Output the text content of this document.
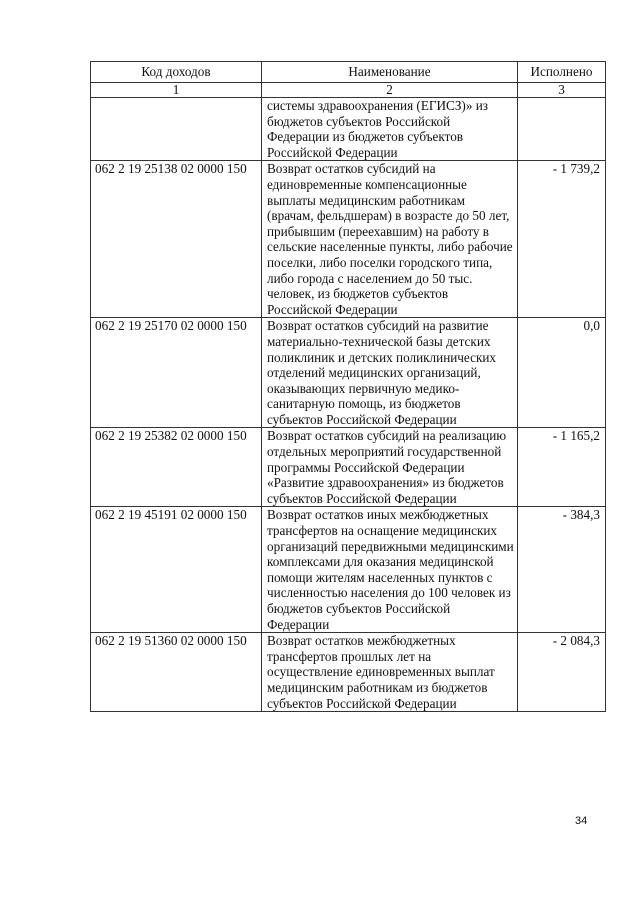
Код доходов	Наименование	Исполнено
1	2	3
	системы здравоохранения (ЕГИСЗ)» из бюджетов субъектов Российской Федерации из бюджетов субъектов Российской Федерации	
062 2 19 25138 02 0000 150	Возврат остатков субсидий на единовременные компенсационные выплаты медицинским работникам (врачам, фельдшерам) в возрасте до 50 лет, прибывшим (переехавшим) на работу в сельские населенные пункты, либо рабочие поселки, либо поселки городского типа, либо города с населением до 50 тыс. человек, из бюджетов субъектов Российской Федерации	- 1 739,2
062 2 19 25170 02 0000 150	Возврат остатков субсидий на развитие материально-технической базы детских поликлиник и детских поликлинических отделений медицинских организаций, оказывающих первичную медико-санитарную помощь, из бюджетов субъектов Российской Федерации	0,0
062 2 19 25382 02 0000 150	Возврат остатков субсидий на реализацию отдельных мероприятий государственной программы Российской Федерации «Развитие здравоохранения» из бюджетов субъектов Российской Федерации	- 1 165,2
062 2 19 45191 02 0000 150	Возврат остатков иных межбюджетных трансфертов на оснащение медицинских организаций передвижными медицинскими комплексами для оказания медицинской помощи жителям населенных пунктов с численностью населения до 100 человек из бюджетов субъектов Российской Федерации	- 384,3
062 2 19 51360 02 0000 150	Возврат остатков межбюджетных трансфертов прошлых лет на осуществление единовременных выплат медицинским работникам из бюджетов субъектов Российской Федерации	- 2 084,3
34
